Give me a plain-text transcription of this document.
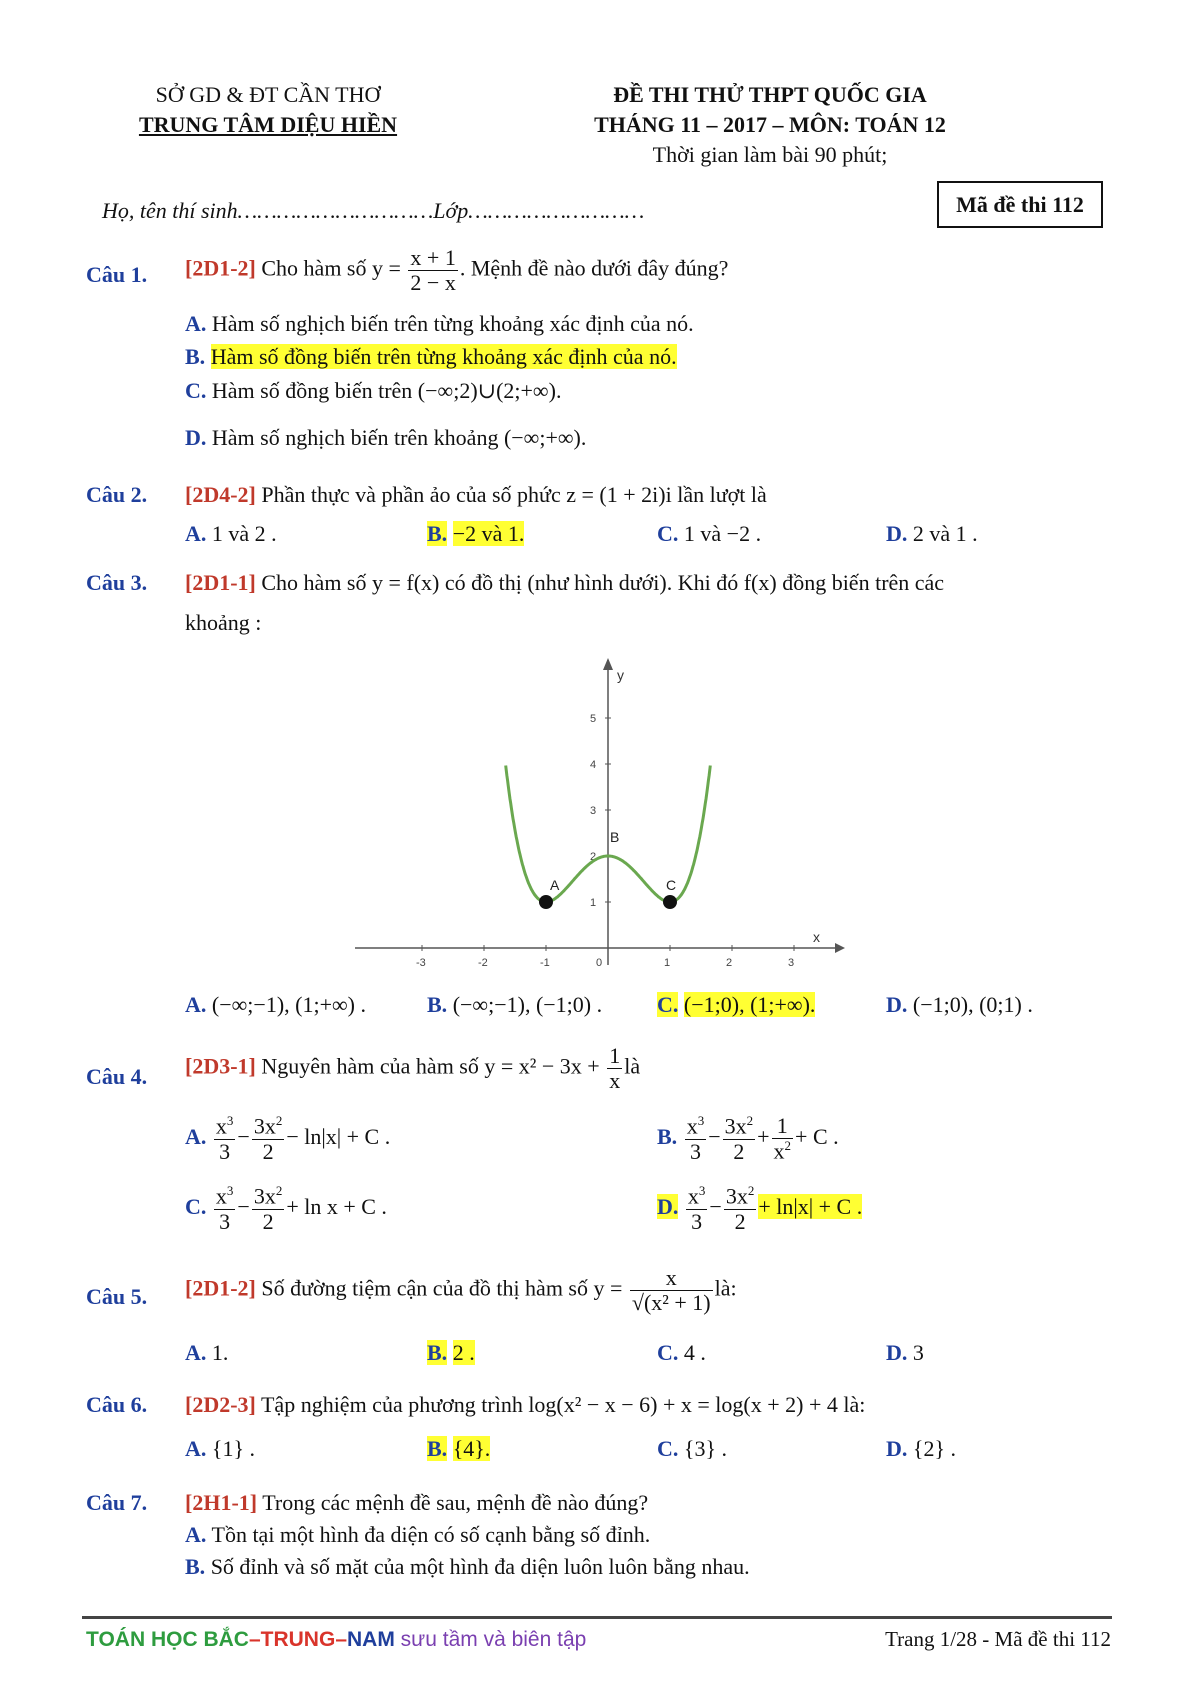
SỞ GD & ĐT CẦN THƠ
TRUNG TÂM DIỆU HIỀN
ĐỀ THI THỬ THPT QUỐC GIA
THÁNG 11 – 2017 – MÔN: TOÁN 12
Thời gian làm bài 90 phút;
Họ, tên thí sinh…………………………Lớp………………………	Mã đề thi 112
Câu 1. [2D1-2] Cho hàm số $y = \frac{x + 1}{2 - x}$ . Mệnh đề nào dưới đây đúng?
A. Hàm số nghịch biến trên từng khoảng xác định của nó.
B. Hàm số đồng biến trên từng khoảng xác định của nó.
C. Hàm số đồng biến trên (−∞;2)∪(2;+∞).
D. Hàm số nghịch biến trên khoảng (−∞;+∞).
Câu 2. [2D4-2] Phần thực và phần ảo của số phức z = (1 + 2i)i lần lượt là
A. 1 và 2 .	B. −2 và 1.	C. 1 và −2 .	D. 2 và 1 .
Câu 3. [2D1-1] Cho hàm số y = f(x) có đồ thị (như hình dưới). Khi đó f(x) đồng biến trên các
khoảng :
y
x
-3	-2	-1	0	1	2	3
1
2
3
4
5
A
B
C
A. (−∞;−1), (1;+∞) .	B. (−∞;−1), (−1;0) . C. (−1;0), (1;+∞).	D. (−1;0), (0;1) .
Câu 4. [2D3-1] Nguyên hàm của hàm số $y = x^2 - 3x + \frac{1}{x}$ là
A. $\frac{x^3}{3} - \frac{3x^2}{2} - \ln|x| + C$ .	B. $\frac{x^3}{3} - \frac{3x^2}{2} + \frac{1}{x^2} + C$ .
C. $\frac{x^3}{3} - \frac{3x^2}{2} + \ln x + C$ .	D. $\frac{x^3}{3} - \frac{3x^2}{2} + \ln|x| + C$ .
Câu 5. [2D1-2] Số đường tiệm cận của đồ thị hàm số $y = \frac{x}{\text{√(x² + 1)}}$ là:
A. 1.	B. 2 .	C. 4 .	D. 3
Câu 6. [2D2-3] Tập nghiệm của phương trình log(x² − x − 6) + x = log(x + 2) + 4 là:
A. {1} .	B. {4}.	C. {3} .	D. {2} .
Câu 7. [2H1-1] Trong các mệnh đề sau, mệnh đề nào đúng?
A. Tồn tại một hình đa diện có số cạnh bằng số đỉnh.
B. Số đỉnh và số mặt của một hình đa diện luôn luôn bằng nhau.
TOÁN HỌC BẮC–TRUNG–NAM sưu tầm và biên tập	Trang 1/28 - Mã đề thi 112
